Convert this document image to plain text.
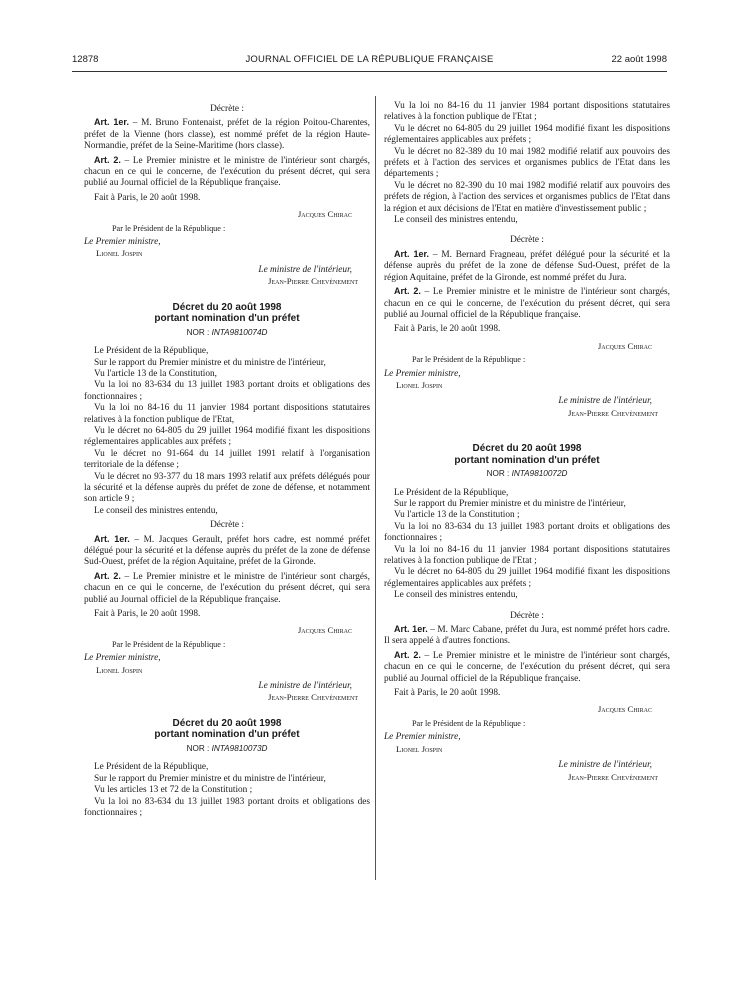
12878	JOURNAL OFFICIEL DE LA RÉPUBLIQUE FRANÇAISE	22 août 1998

Décrète :

Art. 1er. – M. Bruno Fontenaist, préfet de la région Poitou-Charentes, préfet de la Vienne (hors classe), est nommé préfet de la région Haute-Normandie, préfet de la Seine-Maritime (hors classe).

Art. 2. – Le Premier ministre et le ministre de l'intérieur sont chargés, chacun en ce qui le concerne, de l'exécution du présent décret, qui sera publié au Journal officiel de la République française.

Fait à Paris, le 20 août 1998.

Jacques Chirac
Par le Président de la République :

Le Premier ministre,

Lionel Jospin
Le ministre de l'intérieur,
Jean-Pierre Chevènement
Décret du 20 août 1998
portant nomination d'un préfet
NOR : INTA9810074D

Le Président de la République,

Sur le rapport du Premier ministre et du ministre de l'intérieur,

Vu l'article 13 de la Constitution,

Vu la loi no 83-634 du 13 juillet 1983 portant droits et obligations des fonctionnaires ;

Vu la loi no 84-16 du 11 janvier 1984 portant dispositions statutaires relatives à la fonction publique de l'Etat,

Vu le décret no 64-805 du 29 juillet 1964 modifié fixant les dispositions réglementaires applicables aux préfets ;

Vu le décret no 91-664 du 14 juillet 1991 relatif à l'organisation territoriale de la défense ;

Vu le décret no 93-377 du 18 mars 1993 relatif aux préfets délégués pour la sécurité et la défense auprès du préfet de zone de défense, et notamment son article 9 ;

Le conseil des ministres entendu,

Décrète :

Art. 1er. – M. Jacques Gerault, préfet hors cadre, est nommé préfet délégué pour la sécurité et la défense auprès du préfet de la zone de défense Sud-Ouest, préfet de la région Aquitaine, préfet de la Gironde.

Art. 2. – Le Premier ministre et le ministre de l'intérieur sont chargés, chacun en ce qui le concerne, de l'exécution du présent décret, qui sera publié au Journal officiel de la République française.

Fait à Paris, le 20 août 1998.

Jacques Chirac
Par le Président de la République :

Le Premier ministre,

Lionel Jospin
Le ministre de l'intérieur,
Jean-Pierre Chevènement
Décret du 20 août 1998
portant nomination d'un préfet
NOR : INTA9810073D

Le Président de la République,

Sur le rapport du Premier ministre et du ministre de l'intérieur,

Vu les articles 13 et 72 de la Constitution ;

Vu la loi no 83-634 du 13 juillet 1983 portant droits et obligations des fonctionnaires ;

Vu la loi no 84-16 du 11 janvier 1984 portant dispositions statutaires relatives à la fonction publique de l'Etat ;

Vu le décret no 64-805 du 29 juillet 1964 modifié fixant les dispositions réglementaires applicables aux préfets ;

Vu le décret no 82-389 du 10 mai 1982 modifié relatif aux pouvoirs des préfets et à l'action des services et organismes publics de l'Etat dans les départements ;

Vu le décret no 82-390 du 10 mai 1982 modifié relatif aux pouvoirs des préfets de région, à l'action des services et organismes publics de l'Etat dans la région et aux décisions de l'Etat en matière d'investissement public ;

Le conseil des ministres entendu,

Décrète :

Art. 1er. – M. Bernard Fragneau, préfet délégué pour la sécurité et la défense auprès du préfet de la zone de défense Sud-Ouest, préfet de la région Aquitaine, préfet de la Gironde, est nommé préfet du Jura.

Art. 2. – Le Premier ministre et le ministre de l'intérieur sont chargés, chacun en ce qui le concerne, de l'exécution du présent décret, qui sera publié au Journal officiel de la République française.

Fait à Paris, le 20 août 1998.

Jacques Chirac
Par le Président de la République :

Le Premier ministre,

Lionel Jospin
Le ministre de l'intérieur,
Jean-Pierre Chevènement
Décret du 20 août 1998
portant nomination d'un préfet
NOR : INTA9810072D

Le Président de la République,

Sur le rapport du Premier ministre et du ministre de l'intérieur,

Vu l'article 13 de la Constitution ;

Vu la loi no 83-634 du 13 juillet 1983 portant droits et obligations des fonctionnaires ;

Vu la loi no 84-16 du 11 janvier 1984 portant dispositions statutaires relatives à la fonction publique de l'Etat ;

Vu le décret no 64-805 du 29 juillet 1964 modifié fixant les dispositions réglementaires applicables aux préfets ;

Le conseil des ministres entendu,

Décrète :

Art. 1er. – M. Marc Cabane, préfet du Jura, est nommé préfet hors cadre. Il sera appelé à d'autres fonctions.

Art. 2. – Le Premier ministre et le ministre de l'intérieur sont chargés, chacun en ce qui le concerne, de l'exécution du présent décret, qui sera publié au Journal officiel de la République française.

Fait à Paris, le 20 août 1998.

Jacques Chirac
Par le Président de la République :

Le Premier ministre,

Lionel Jospin
Le ministre de l'intérieur,
Jean-Pierre Chevènement
